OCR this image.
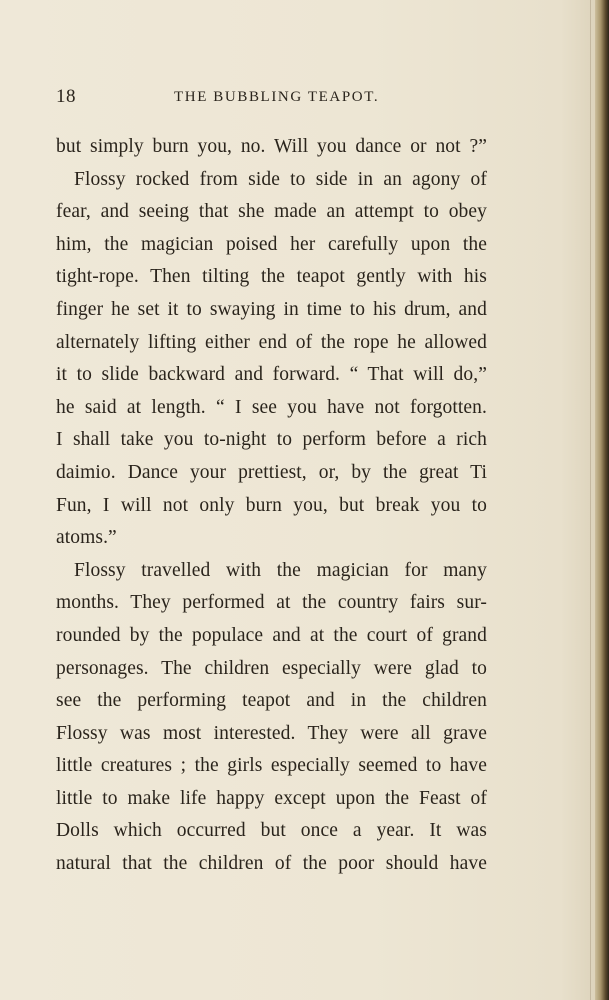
18	THE BUBBLING TEAPOT.
but simply burn you, no. Will you dance or not ?”
Flossy rocked from side to side in an agony of
fear, and seeing that she made an attempt to obey
him, the magician poised her carefully upon the
tight-rope. Then tilting the teapot gently with his
finger he set it to swaying in time to his drum, and
alternately lifting either end of the rope he allowed
it to slide backward and forward. “ That will do,”
he said at length. “ I see you have not forgotten.
I shall take you to-night to perform before a rich
daimio. Dance your prettiest, or, by the great Ti
Fun, I will not only burn you, but break you to
atoms.”
Flossy travelled with the magician for many
months. They performed at the country fairs sur-
rounded by the populace and at the court of grand
personages. The children especially were glad to
see the performing teapot and in the children
Flossy was most interested. They were all grave
little creatures ; the girls especially seemed to have
little to make life happy except upon the Feast of
Dolls which occurred but once a year. It was
natural that the children of the poor should have
